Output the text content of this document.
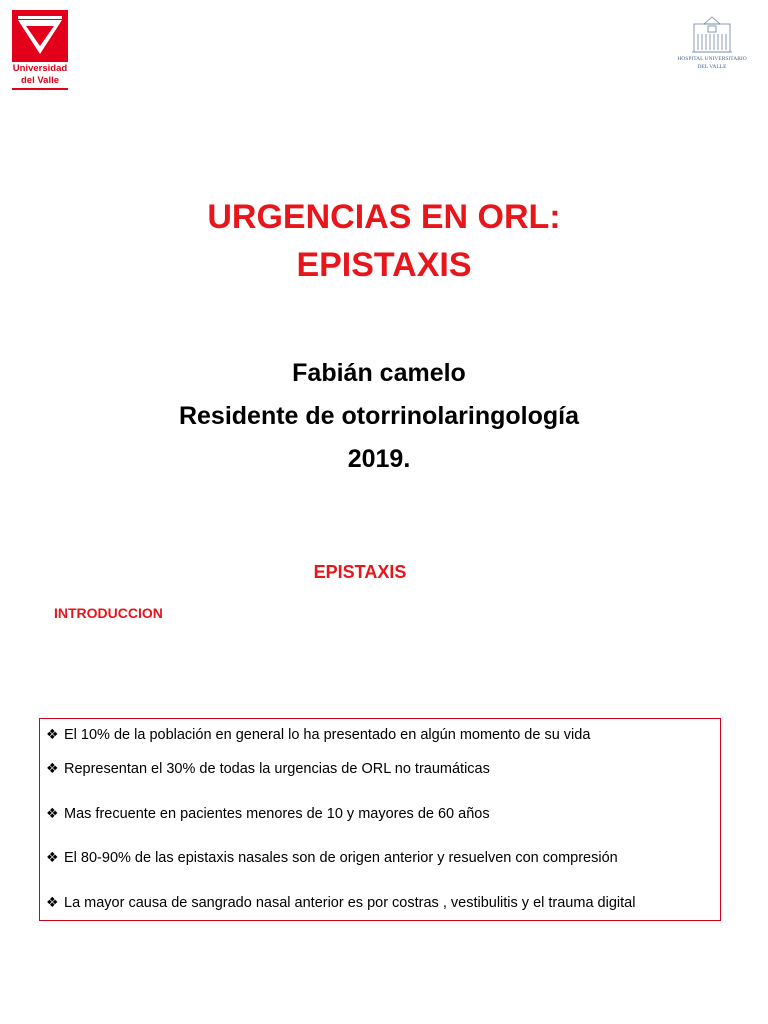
Universidad
del Valle
HOSPITAL UNIVERSITARIO
DEL VALLE
URGENCIAS EN ORL:
EPISTAXIS
Fabián camelo
Residente de otorrinolaringología
2019.
EPISTAXIS
INTRODUCCION
❖ El 10% de la población en general lo ha presentado en algún momento de su vida
❖ Representan el 30% de todas la urgencias de ORL no traumáticas
❖ Mas frecuente en pacientes menores de 10 y mayores de 60 años
❖ El 80-90% de las epistaxis nasales son de origen anterior y resuelven con compresión
❖ La mayor causa de sangrado nasal anterior es por costras , vestibulitis y el trauma digital
